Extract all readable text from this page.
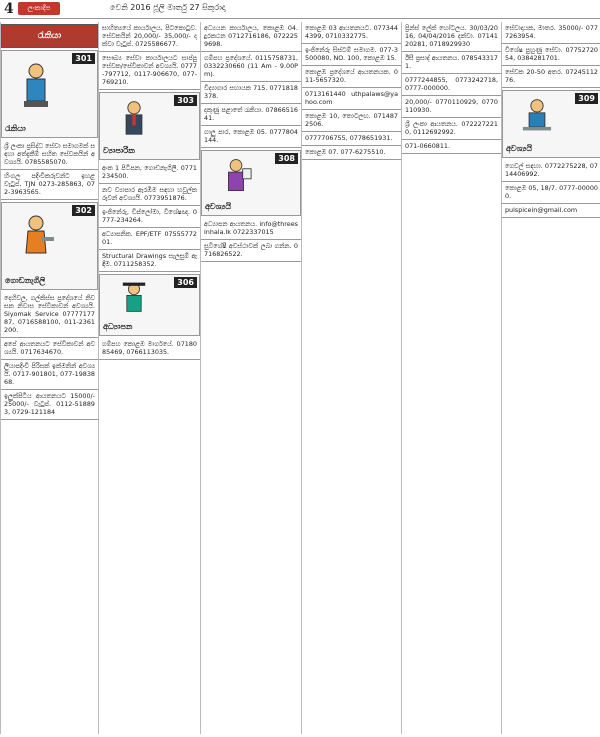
4	ලංකාදීප	වෙනි 2016 ජූලි මාර්තු 27 සිකුරාදා
රැකියා
301
රැකියා
ශ්‍රී ලංකා ප්‍රසිද්ධ සේවා සමාගමක් සඳහා අත්දැකීම් සහිත සේවකයින් අවශ්‍යයි. 0785585070.
හිංගල පදිංචිකරුවන්ට ඉහළ වැටුප්, TJN 0273-285863, 072-3963565.
302
ගොඩනැගිලි
දෙහිවල, ගල්කිස්ස ප්‍රදේශයේ නිවසක නිවාස සේවිකාවන් අවශ්‍යයි. Siyomak Service 0777717787, 0716588100, 011-2361200.
අපේ ආයතනයට සේවිකාවන් අවශ්‍යයි. 0717634670.
ලියාපදිංචි පිරිසක් ඉක්මනින් අවශ්‍යයි. 0717-901801, 077-1983868.
ඉලුක්පිටිය ආයතනයට 15000/- 25000/- වැටුප්. 0112-518893, 0729-121184
සාහිත්‍යයේ කාර්යාලය, පිටකොටුව. සේවකයින් 20,000/- 35,000/- දක්වා වැටුප්. 0725586677.
සෞඛ්‍ය සේවා කාර්යාලයට සාප්පු සේවක/සේවිකාවන් අවශ්‍යයි. 0777-797712, 0117-906670, 077-769210.
303
ව්‍යාපාරික
අංක 1 පිටිපන, ගොඩනැගිලි. 0771234500.
නව ව්‍යාපාර ඇරඹීම සඳහා හවුල්කරුවන් අවශ්‍යයි. 0773951876.
ඉංජිනේරු, ඩිප්ලෝමා, විශේෂඥ. 0777-234264.
අධ්‍යාපනික. EPF/ETF 0755577201.
Structural Drawings සැලසුම් ඇඳීම. 0711258352.
306
අධ්‍යාපන
ගම්පහ කොළඹ මාර්ගයේ. 0718085469, 0766113035.
අධ්‍යයන කාර්යාලය, කොළඹ 04. දුරකථන 0712716186, 0722259698.
ගම්පහ ප්‍රදේශයේ. 0115758731, 0332230660 (11 Am - 9.00Pm).
විද්‍යාගාර සහායක 715. 0771818378.
දකුණු පළාතේ රැකියා. 0786651641.
ගාලු පාර, කොළඹ 05. 0777804144.
308
අවශ්‍යයි
අධ්‍යාපන ආයතනය. info@threesinhala.lk 0722337015
සුවිශේෂී අවස්ථාවක් ලබා ගන්න. 0716826522.
කොළඹ 03 ආයතනයට. 0773444399, 0710332775.
ඉංජිනේරු සිස්ටම් සමාගම. 077-3500080, NO. 100, කොළඹ 15.
කොළඹ ප්‍රදේශයේ ආයතනයක. 011-5657320.
0713161440 uthpalaws@yahoo.com
කොළඹ 10, තොටලඟ. 0714872506.
0777706755, 0778651931.
කොළඹ 07. 077-6275510.
ප්‍රින්ස් ලේක් හෝටලය. 30/03/2016, 04/04/2016 දක්වා. 0714120281, 0718929930
ඊසී ප්‍රසාද් ආයතනය. 0785433171.
0777244855, 0773242718, 0777-000000.
20,000/- 0770110929, 0770110930.
ශ්‍රී ලංකා ආයතනය. 0722272210, 0112692992.
071-0660811.
සේවාදායක, මාතර. 35000/- 0777263954.
විශේෂ පුහුණු සේවා. 0775272054, 0384281701.
සේවක 20-50 අතර. 0724511276.
309
අවශ්‍යයි
ගෙවල් සඳහා. 0772275228, 0714406992.
කොළඹ 05, 18/7. 0777-000000.
pulspicein@gmail.com
